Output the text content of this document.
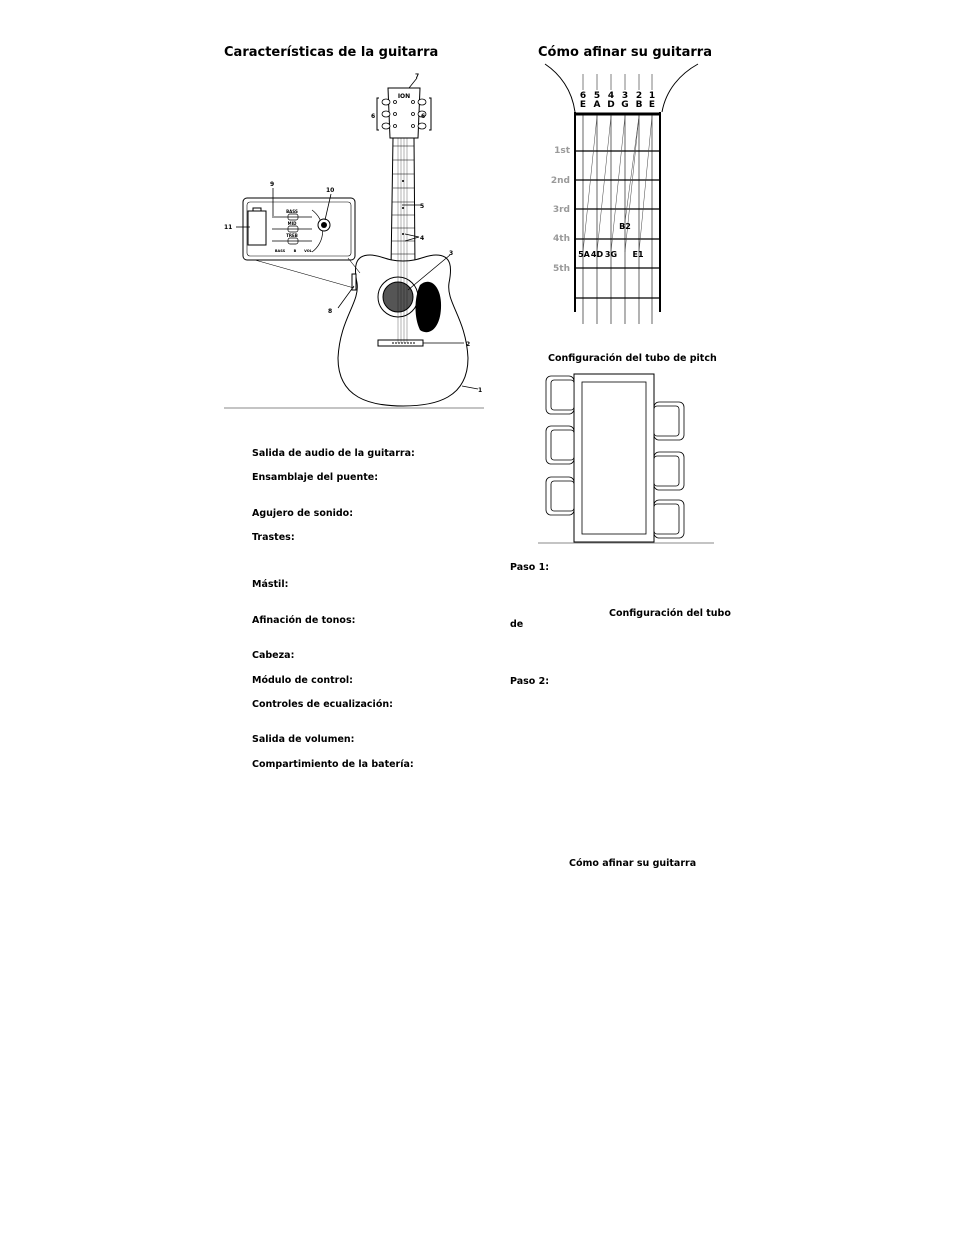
Características de la guitarra
ION
BASS
MID
TREB
BASS B VOL
1
2
3
4
5
6	6
7
8
9
10
11
Salida de audio de la guitarra:
Ensamblaje del puente:
Agujero de sonido:
Trastes:
Mástil:
Afinación de tonos:
Cabeza:
Módulo de control:
Controles de ecualización:
Salida de volumen:
Compartimiento de la batería:
Cómo afinar su guitarra
6 5 4 3 2 1
E A D G B E
1st
2nd
3rd
4th
5th
B2
5A 4D 3G E1
Configuración del tubo de pitch
Paso 1:
Configuración del tubo
de
Paso 2:
Cómo afinar su guitarra
